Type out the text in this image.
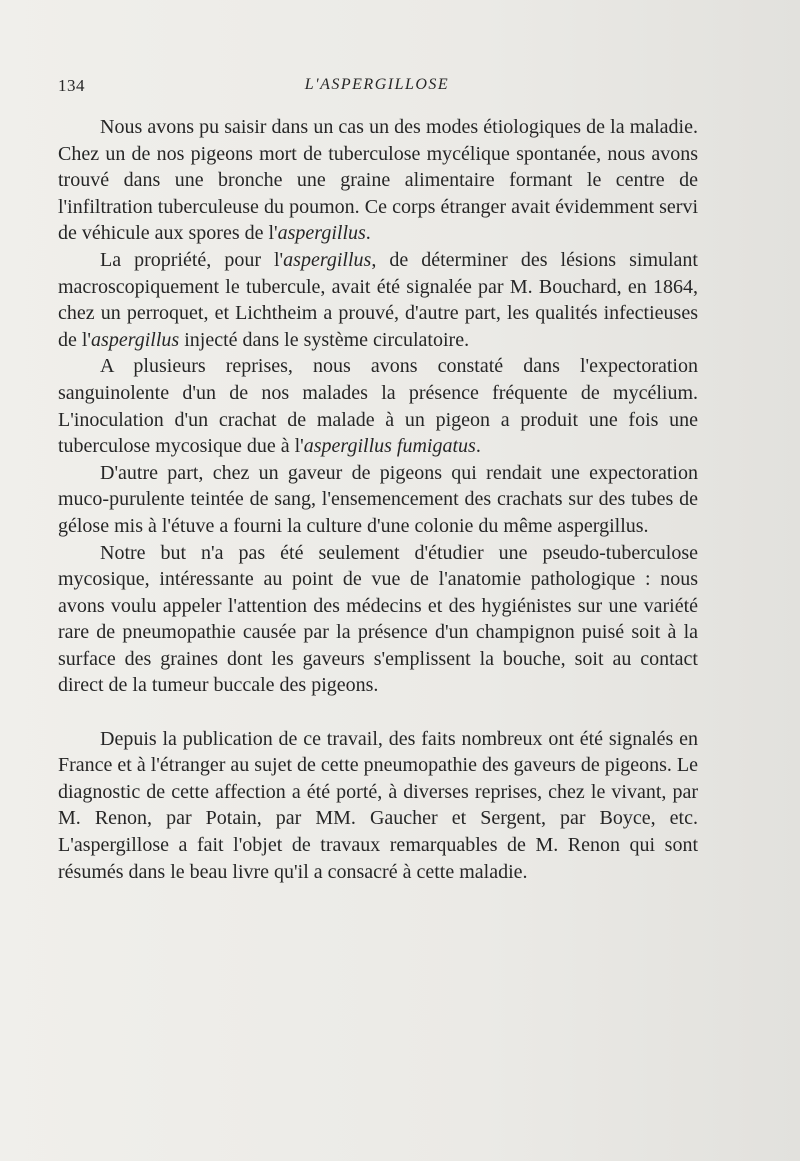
134	L'ASPERGILLOSE

Nous avons pu saisir dans un cas un des modes étiologiques de la maladie. Chez un de nos pigeons mort de tuberculose mycélique spontanée, nous avons trouvé dans une bronche une graine alimentaire formant le centre de l'infiltration tuberculeuse du poumon. Ce corps étranger avait évidemment servi de véhicule aux spores de l'aspergillus.

La propriété, pour l'aspergillus, de déterminer des lésions simulant macroscopiquement le tubercule, avait été signalée par M. Bouchard, en 1864, chez un perroquet, et Lichtheim a prouvé, d'autre part, les qualités infectieuses de l'aspergillus injecté dans le système circulatoire.

A plusieurs reprises, nous avons constaté dans l'expectoration sanguinolente d'un de nos malades la présence fréquente de mycélium. L'inoculation d'un crachat de malade à un pigeon a produit une fois une tuberculose mycosique due à l'aspergillus fumigatus.

D'autre part, chez un gaveur de pigeons qui rendait une expectoration muco-purulente teintée de sang, l'ensemencement des crachats sur des tubes de gélose mis à l'étuve a fourni la culture d'une colonie du même aspergillus.

Notre but n'a pas été seulement d'étudier une pseudo-tuberculose mycosique, intéressante au point de vue de l'anatomie pathologique : nous avons voulu appeler l'attention des médecins et des hygiénistes sur une variété rare de pneumopathie causée par la présence d'un champignon puisé soit à la surface des graines dont les gaveurs s'emplissent la bouche, soit au contact direct de la tumeur buccale des pigeons.

Depuis la publication de ce travail, des faits nombreux ont été signalés en France et à l'étranger au sujet de cette pneumopathie des gaveurs de pigeons. Le diagnostic de cette affection a été porté, à diverses reprises, chez le vivant, par M. Renon, par Potain, par MM. Gaucher et Sergent, par Boyce, etc. L'aspergillose a fait l'objet de travaux remarquables de M. Renon qui sont résumés dans le beau livre qu'il a consacré à cette maladie.
